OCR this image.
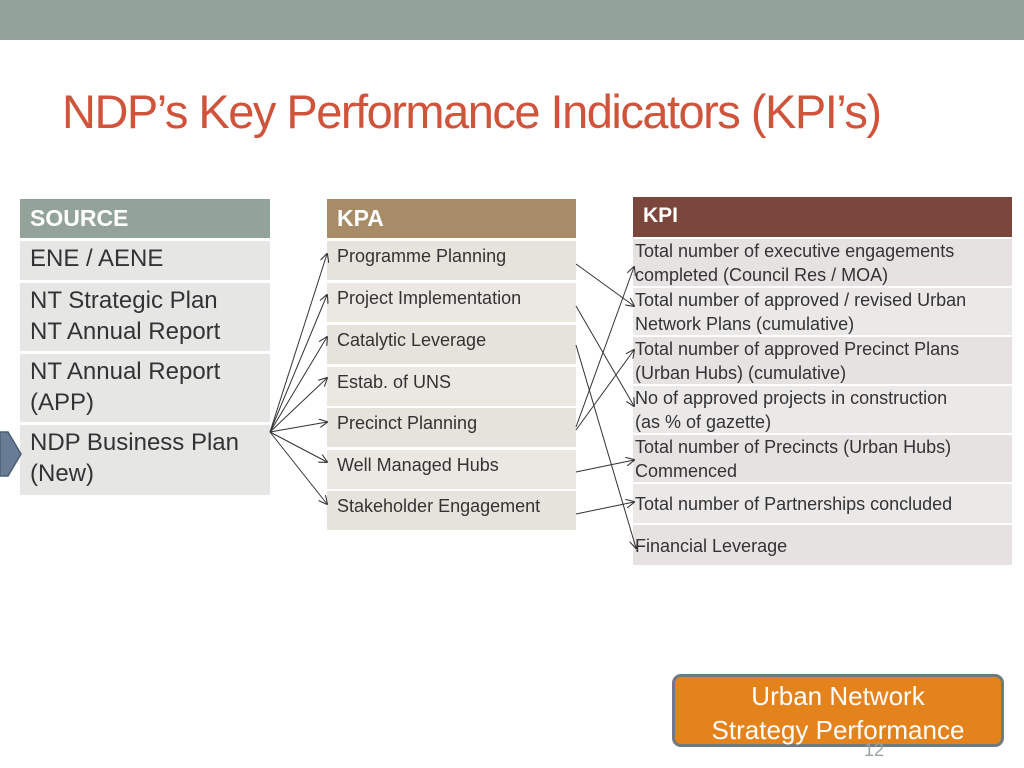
NDP’s Key Performance Indicators (KPI’s)
SOURCE
ENE / AENE
NT Strategic Plan
NT Annual Report
NT Annual Report
(APP)
NDP Business Plan
(New)
KPA
Programme Planning
Project Implementation
Catalytic Leverage
Estab. of UNS
Precinct Planning
Well Managed Hubs
Stakeholder Engagement
KPI
Total number of executive engagements
completed (Council Res / MOA)
Total number of approved / revised Urban
Network Plans (cumulative)
Total number of approved Precinct Plans
(Urban Hubs) (cumulative)
No of approved projects in construction
(as % of gazette)
Total number of Precincts (Urban Hubs)
Commenced
Total number of Partnerships concluded
Financial Leverage
Urban Network
Strategy Performance
12
